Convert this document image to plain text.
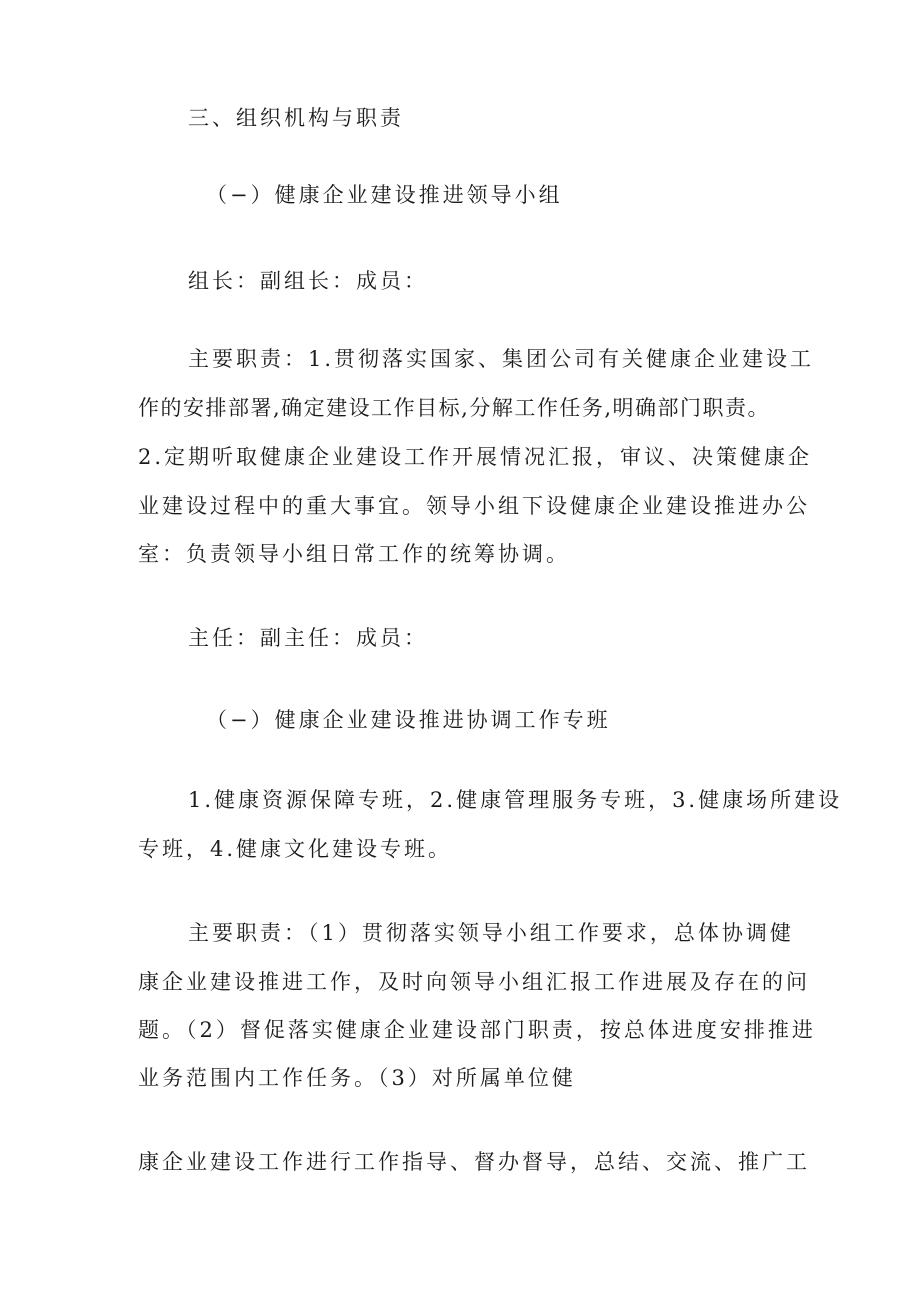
三、组织机构与职责
（−）健康企业建设推进领导小组
组长：副组长：成员：
主要职责：1.贯彻落实国家、集团公司有关健康企业建设工
作的安排部署,确定建设工作目标,分解工作任务,明确部门职责。
2.定期听取健康企业建设工作开展情况汇报，审议、决策健康企
业建设过程中的重大事宜。领导小组下设健康企业建设推进办公
室：负责领导小组日常工作的统筹协调。
主任：副主任：成员：
（−）健康企业建设推进协调工作专班
1.健康资源保障专班，2.健康管理服务专班，3.健康场所建设
专班，4.健康文化建设专班。
主要职责：（1）贯彻落实领导小组工作要求，总体协调健
康企业建设推进工作，及时向领导小组汇报工作进展及存在的问
题。（2）督促落实健康企业建设部门职责，按总体进度安排推进
业务范围内工作任务。（3）对所属单位健
康企业建设工作进行工作指导、督办督导，总结、交流、推广工
